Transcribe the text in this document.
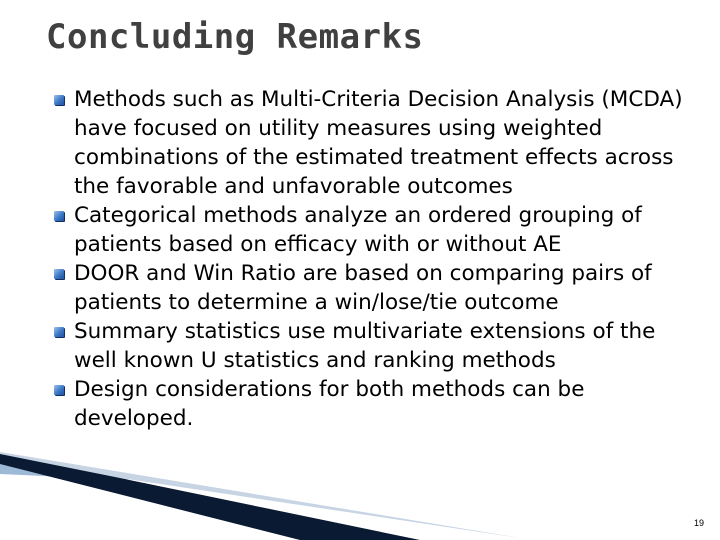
Concluding Remarks
Methods such as Multi-Criteria Decision Analysis (MCDA) have focused on utility measures using weighted combinations of the estimated treatment effects across the favorable and unfavorable outcomes
Categorical methods analyze an ordered grouping of patients based on efficacy with or without AE
DOOR and Win Ratio are based on comparing pairs of patients to determine a win/lose/tie outcome
Summary statistics use multivariate extensions of the well known U statistics and ranking methods
Design considerations for both methods can be developed.
19
